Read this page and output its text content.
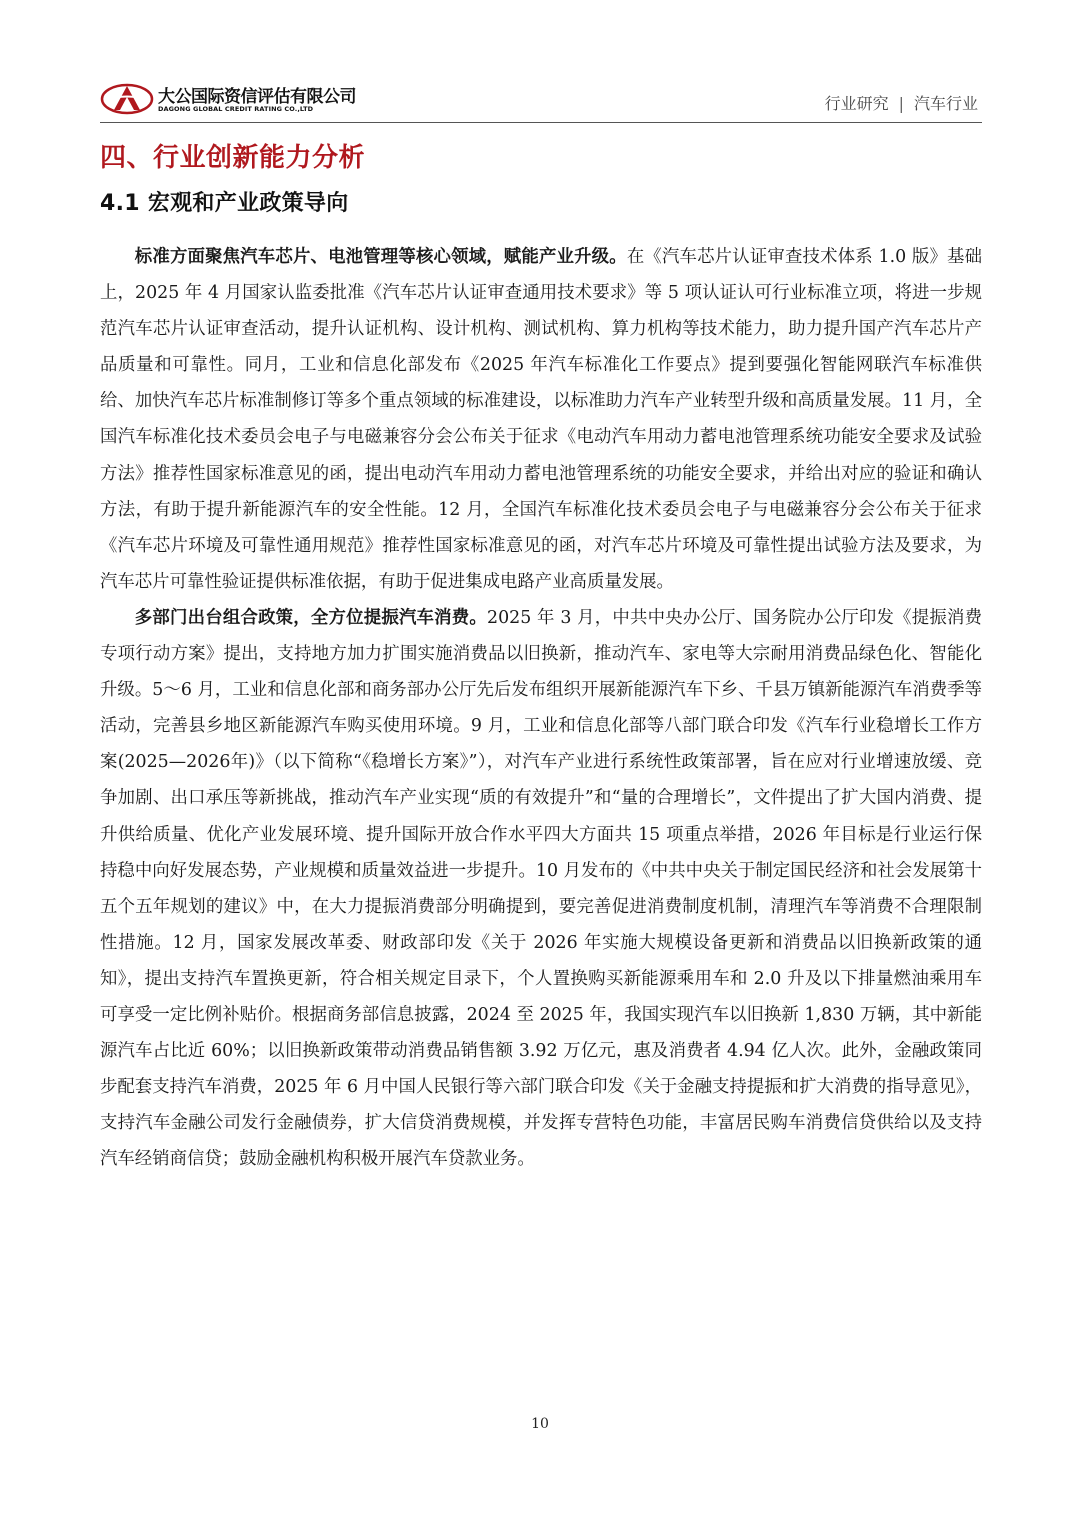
大公国际资信评估有限公司
DAGONG GLOBAL CREDIT RATING CO.,LTD	行业研究 | 汽车行业
四、行业创新能力分析
4.1 宏观和产业政策导向

标准方面聚焦汽车芯片、电池管理等核心领域，赋能产业升级。在《汽车芯片认证审查技术体系 1.0 版》基础上，2025 年 4 月国家认监委批准《汽车芯片认证审查通用技术要求》等 5 项认证认可行业标准立项，将进一步规范汽车芯片认证审查活动，提升认证机构、设计机构、测试机构、算力机构等技术能力，助力提升国产汽车芯片产品质量和可靠性。同月，工业和信息化部发布《2025 年汽车标准化工作要点》提到要强化智能网联汽车标准供给、加快汽车芯片标准制修订等多个重点领域的标准建设，以标准助力汽车产业转型升级和高质量发展。11 月，全国汽车标准化技术委员会电子与电磁兼容分会公布关于征求《电动汽车用动力蓄电池管理系统功能安全要求及试验方法》推荐性国家标准意见的函，提出电动汽车用动力蓄电池管理系统的功能安全要求，并给出对应的验证和确认方法，有助于提升新能源汽车的安全性能。12 月，全国汽车标准化技术委员会电子与电磁兼容分会公布关于征求《汽车芯片环境及可靠性通用规范》推荐性国家标准意见的函，对汽车芯片环境及可靠性提出试验方法及要求，为汽车芯片可靠性验证提供标准依据，有助于促进集成电路产业高质量发展。

多部门出台组合政策，全方位提振汽车消费。2025 年 3 月，中共中央办公厅、国务院办公厅印发《提振消费专项行动方案》提出，支持地方加力扩围实施消费品以旧换新，推动汽车、家电等大宗耐用消费品绿色化、智能化升级。5～6 月，工业和信息化部和商务部办公厅先后发布组织开展新能源汽车下乡、千县万镇新能源汽车消费季等活动，完善县乡地区新能源汽车购买使用环境。9 月，工业和信息化部等八部门联合印发《汽车行业稳增长工作方案(2025—2026年)》（以下简称“《稳增长方案》”），对汽车产业进行系统性政策部署，旨在应对行业增速放缓、竞争加剧、出口承压等新挑战，推动汽车产业实现“质的有效提升”和“量的合理增长”，文件提出了扩大国内消费、提升供给质量、优化产业发展环境、提升国际开放合作水平四大方面共 15 项重点举措，2026 年目标是行业运行保持稳中向好发展态势，产业规模和质量效益进一步提升。10 月发布的《中共中央关于制定国民经济和社会发展第十五个五年规划的建议》中，在大力提振消费部分明确提到，要完善促进消费制度机制，清理汽车等消费不合理限制性措施。12 月，国家发展改革委、财政部印发《关于 2026 年实施大规模设备更新和消费品以旧换新政策的通知》，提出支持汽车置换更新，符合相关规定目录下，个人置换购买新能源乘用车和 2.0 升及以下排量燃油乘用车可享受一定比例补贴价。根据商务部信息披露，2024 至 2025 年，我国实现汽车以旧换新 1,830 万辆，其中新能源汽车占比近 60%；以旧换新政策带动消费品销售额 3.92 万亿元，惠及消费者 4.94 亿人次。此外，金融政策同步配套支持汽车消费，2025 年 6 月中国人民银行等六部门联合印发《关于金融支持提振和扩大消费的指导意见》，支持汽车金融公司发行金融债券，扩大信贷消费规模，并发挥专营特色功能，丰富居民购车消费信贷供给以及支持汽车经销商信贷；鼓励金融机构积极开展汽车贷款业务。

10
